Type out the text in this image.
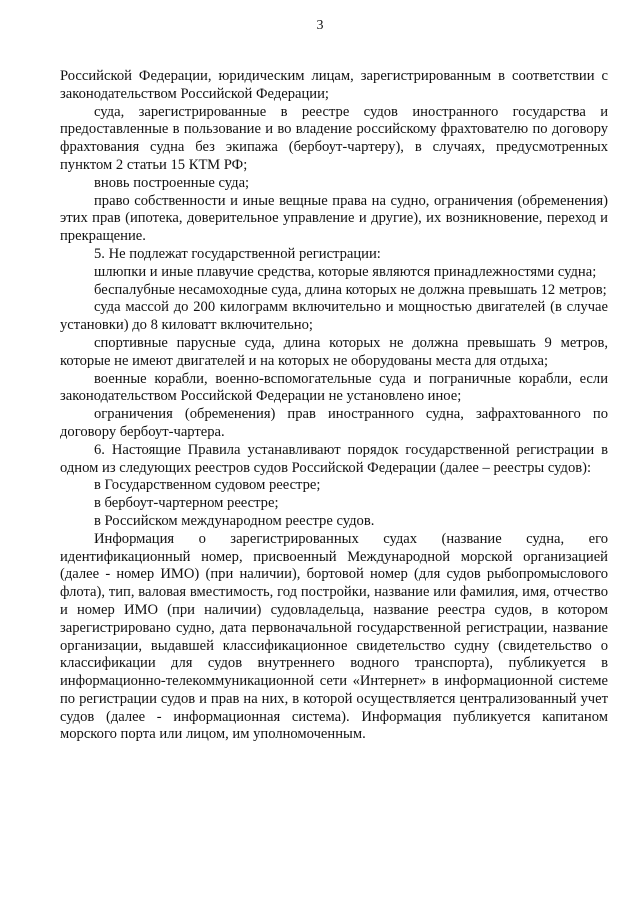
3

Российской Федерации, юридическим лицам, зарегистрированным в соответствии с законодательством Российской Федерации;

суда, зарегистрированные в реестре судов иностранного государства и предоставленные в пользование и во владение российскому фрахтователю по договору фрахтования судна без экипажа (бербоут-чартеру), в случаях, предусмотренных пунктом 2 статьи 15 КТМ РФ;

вновь построенные суда;

право собственности и иные вещные права на судно, ограничения (обременения) этих прав (ипотека, доверительное управление и другие), их возникновение, переход и прекращение.

5. Не подлежат государственной регистрации:

шлюпки и иные плавучие средства, которые являются принадлежностями судна;

беспалубные несамоходные суда, длина которых не должна превышать 12 метров;

суда массой до 200 килограмм включительно и мощностью двигателей (в случае установки) до 8 киловатт включительно;

спортивные парусные суда, длина которых не должна превышать 9 метров, которые не имеют двигателей и на которых не оборудованы места для отдыха;

военные корабли, военно-вспомогательные суда и пограничные корабли, если законодательством Российской Федерации не установлено иное;

ограничения (обременения) прав иностранного судна, зафрахтованного по договору бербоут-чартера.

6. Настоящие Правила устанавливают порядок государственной регистрации в одном из следующих реестров судов Российской Федерации (далее – реестры судов):

в Государственном судовом реестре;

в бербоут-чартерном реестре;

в Российском международном реестре судов.

Информация о зарегистрированных судах (название судна, его идентификационный номер, присвоенный Международной морской организацией (далее - номер ИМО) (при наличии), бортовой номер (для судов рыбопромыслового флота), тип, валовая вместимость, год постройки, название или фамилия, имя, отчество и номер ИМО (при наличии) судовладельца, название реестра судов, в котором зарегистрировано судно, дата первоначальной государственной регистрации, название организации, выдавшей классификационное свидетельство судну (свидетельство о классификации для судов внутреннего водного транспорта), публикуется в информационно-телекоммуникационной сети «Интернет» в информационной системе по регистрации судов и прав на них, в которой осуществляется централизованный учет судов (далее - информационная система). Информация публикуется капитаном морского порта или лицом, им уполномоченным.
